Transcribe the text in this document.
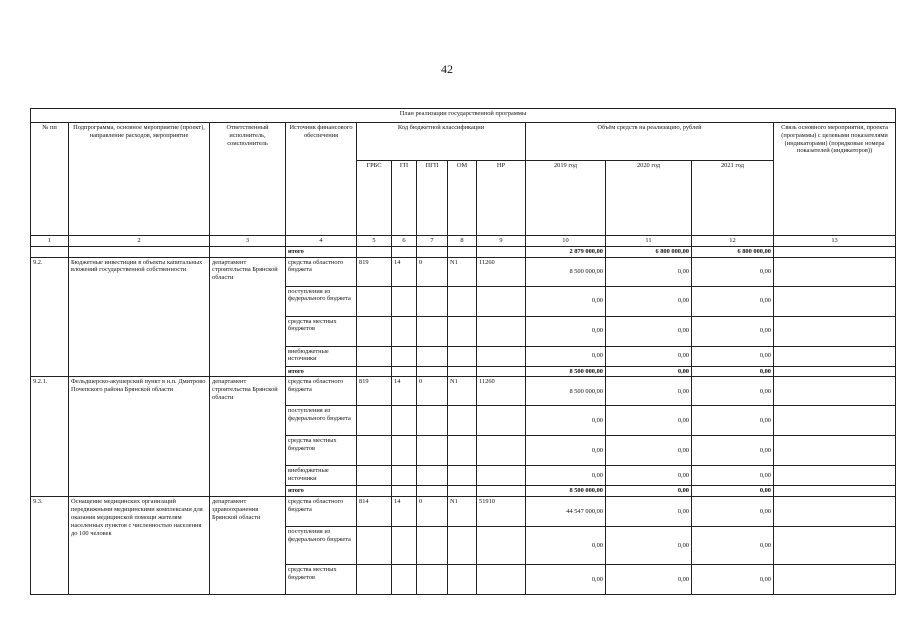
42
План реализации государственной программы												
№ пп	Подпрограмма, основное мероприятие (проект), направление расходов, мероприятие	Ответственный исполнитель, соисполнитель	Источник финансового обеспечения	Код бюджетной классификации					Объём средств на реализацию, рублей			Связь основного мероприятия, проекта (программы) с целевыми показателями (индикаторами) (порядковые номера показателей (индикаторов))
				ГРБС	ГП	ПГП	ОМ	НР	2019 год	2020 год	2021 год	
1	2	3	4	5	6	7	8	9	10	11	12	13
			итого						2 879 000,00	6 800 000,00	6 800 000,00	
9.2.	Бюджетные инвестиции в объекты капитальных вложений государственной собственности	департамент строительства Брянской области	средства областного бюджета	819	14	0	N1	11260	8 500 000,00	0,00	0,00	
			поступления из федерального бюджета						0,00	0,00	0,00	
			средства местных бюджетов						0,00	0,00	0,00	
			внебюджетные источники						0,00	0,00	0,00	
			итого						8 500 000,00	0,00	0,00	
9.2.1.	Фельдшерско-акушерский пункт в н.п. Дмитрово Почепского района Брянской области	департамент строительства Брянской области	средства областного бюджета	819	14	0	N1	11260	8 500 000,00	0,00	0,00	
			поступления из федерального бюджета						0,00	0,00	0,00	
			средства местных бюджетов						0,00	0,00	0,00	
			внебюджетные источники						0,00	0,00	0,00	
			итого						8 500 000,00	0,00	0,00	
9.3.	Оснащение медицинских организаций передвижными медицинскими комплексами для оказания медицинской помощи жителям населенных пунктов с численностью населения до 100 человек	департамент здравоохранения Брянской области	средства областного бюджета	814	14	0	N1	51910	44 547 000,00	0,00	0,00	
			поступления из федерального бюджета						0,00	0,00	0,00	
			средства местных бюджетов						0,00	0,00	0,00	
